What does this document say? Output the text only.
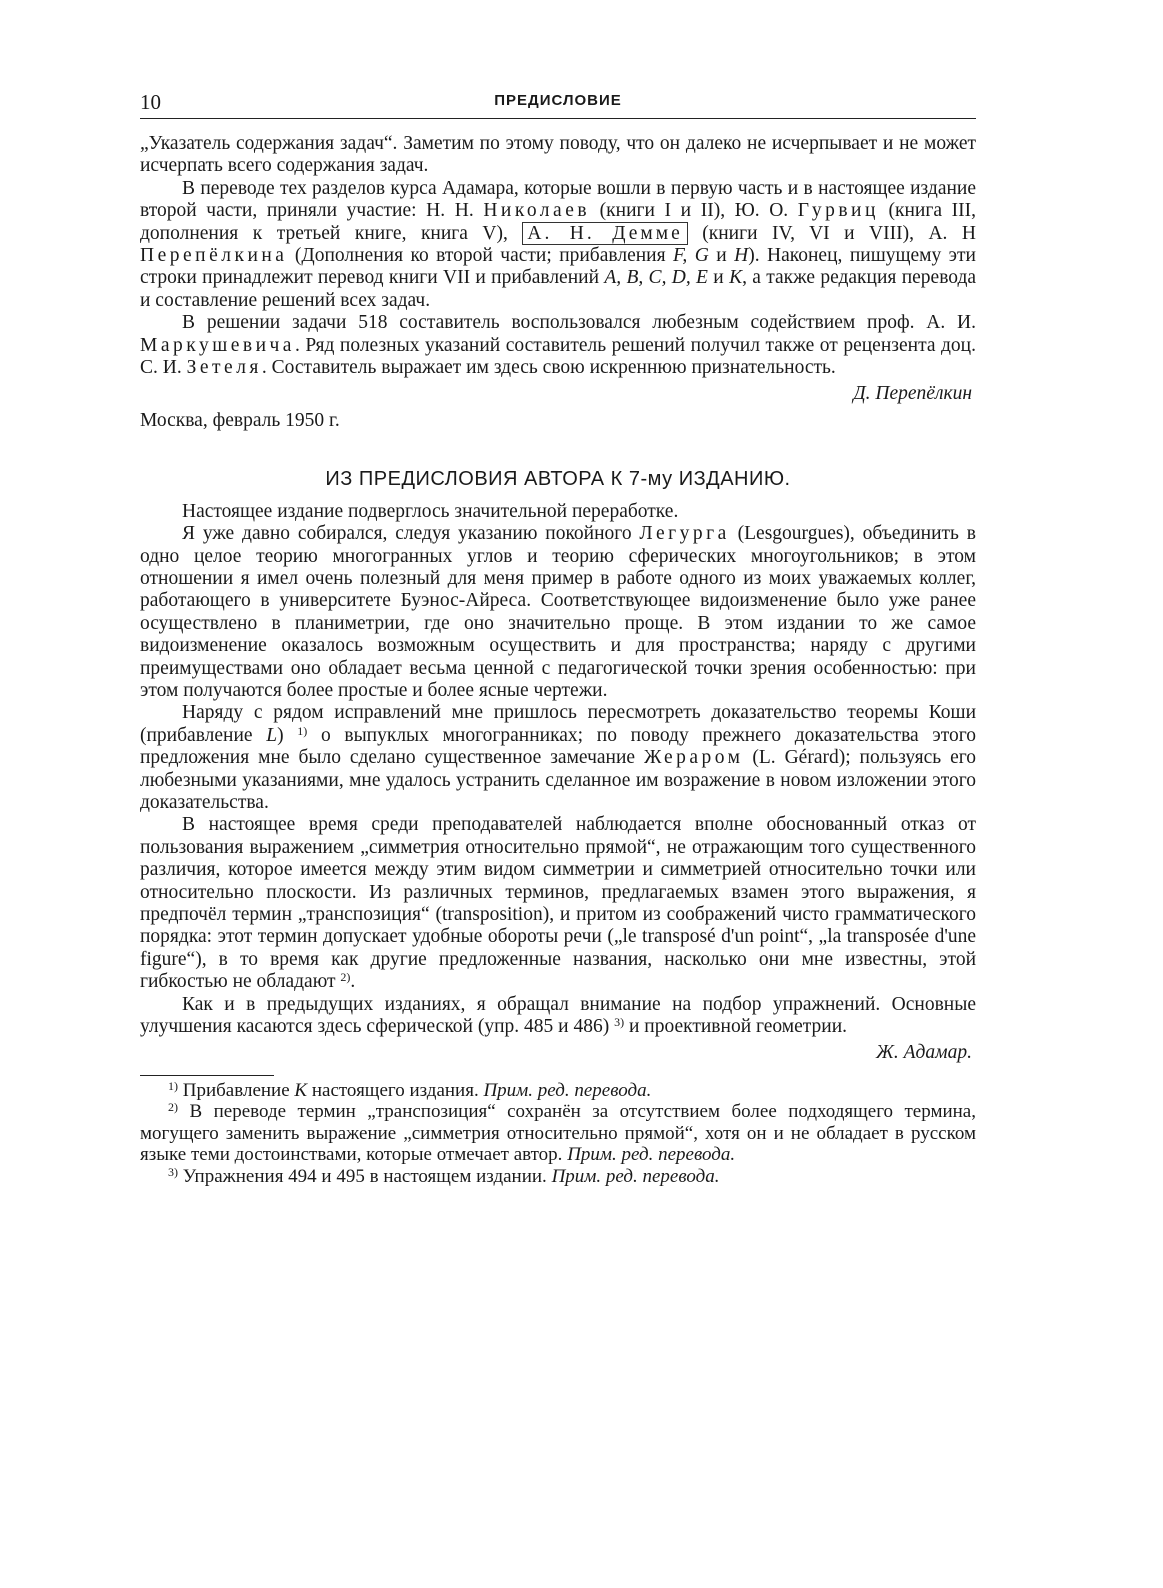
10	ПРЕДИСЛОВИЕ

„Указатель содержания задач“. Заметим по этому поводу, что он далеко не исчерпывает и не может исчерпать всего содержания задач.

В переводе тех разделов курса Адамара, которые вошли в первую часть и в настоящее издание второй части, приняли участие: Н. Н. Николаев (книги I и II), Ю. О. Гурвиц (книга III, дополнения к третьей книге, книга V), А. Н. Демме (книги IV, VI и VIII), А. Н Перепёлкина (Дополнения ко второй части; прибавления F, G и H). Наконец, пишущему эти строки принадлежит перевод книги VII и прибавлений A, B, C, D, E и K, а также редакция перевода и составление решений всех задач.

В решении задачи 518 составитель воспользовался любезным содействием проф. А. И. Маркушевича. Ряд полезных указаний составитель решений получил также от рецензента доц. С. И. Зетеля. Составитель выражает им здесь свою искреннюю признательность.

Д. Перепёлкин
Москва, февраль 1950 г.
ИЗ ПРЕДИСЛОВИЯ АВТОРА К 7-му ИЗДАНИЮ.

Настоящее издание подверглось значительной переработке.

Я уже давно собирался, следуя указанию покойного Легурга (Lesgourgues), объединить в одно целое теорию многогранных углов и теорию сферических многоугольников; в этом отношении я имел очень полезный для меня пример в работе одного из моих уважаемых коллег, работающего в университете Буэнос-Айреса. Соответствующее видоизменение было уже ранее осуществлено в планиметрии, где оно значительно проще. В этом издании то же самое видоизменение оказалось возможным осуществить и для пространства; наряду с другими преимуществами оно обладает весьма ценной с педагогической точки зрения особенностью: при этом получаются более простые и более ясные чертежи.

Наряду с рядом исправлений мне пришлось пересмотреть доказательство теоремы Коши (прибавление L) $^{1)}$ о выпуклых многогранниках; по поводу прежнего доказательства этого предложения мне было сделано существенное замечание Жераром (L. Gérard); пользуясь его любезными указаниями, мне удалось устранить сделанное им возражение в новом изложении этого доказательства.

В настоящее время среди преподавателей наблюдается вполне обоснованный отказ от пользования выражением „симметрия относительно прямой“, не отражающим того существенного различия, которое имеется между этим видом симметрии и симметрией относительно точки или относительно плоскости. Из различных терминов, предлагаемых взамен этого выражения, я предпочёл термин „транспозиция“ (transposition), и притом из соображений чисто грамматического порядка: этот термин допускает удобные обороты речи („le transposé d'un point“, „la transposée d'une figure“), в то время как другие предложенные названия, насколько они мне известны, этой гибкостью не обладают $^{2)}$.

Как и в предыдущих изданиях, я обращал внимание на подбор упражнений. Основные улучшения касаются здесь сферической (упр. 485 и 486) $^{3)}$ и проективной геометрии.

Ж. Адамар.

$^{1)}$ Прибавление K настоящего издания. Прим. ред. перевода.

$^{2)}$ В переводе термин „транспозиция“ сохранён за отсутствием более подходящего термина, могущего заменить выражение „симметрия относительно прямой“, хотя он и не обладает в русском языке теми достоинствами, которые отмечает автор. Прим. ред. перевода.

$^{3)}$ Упражнения 494 и 495 в настоящем издании. Прим. ред. перевода.
